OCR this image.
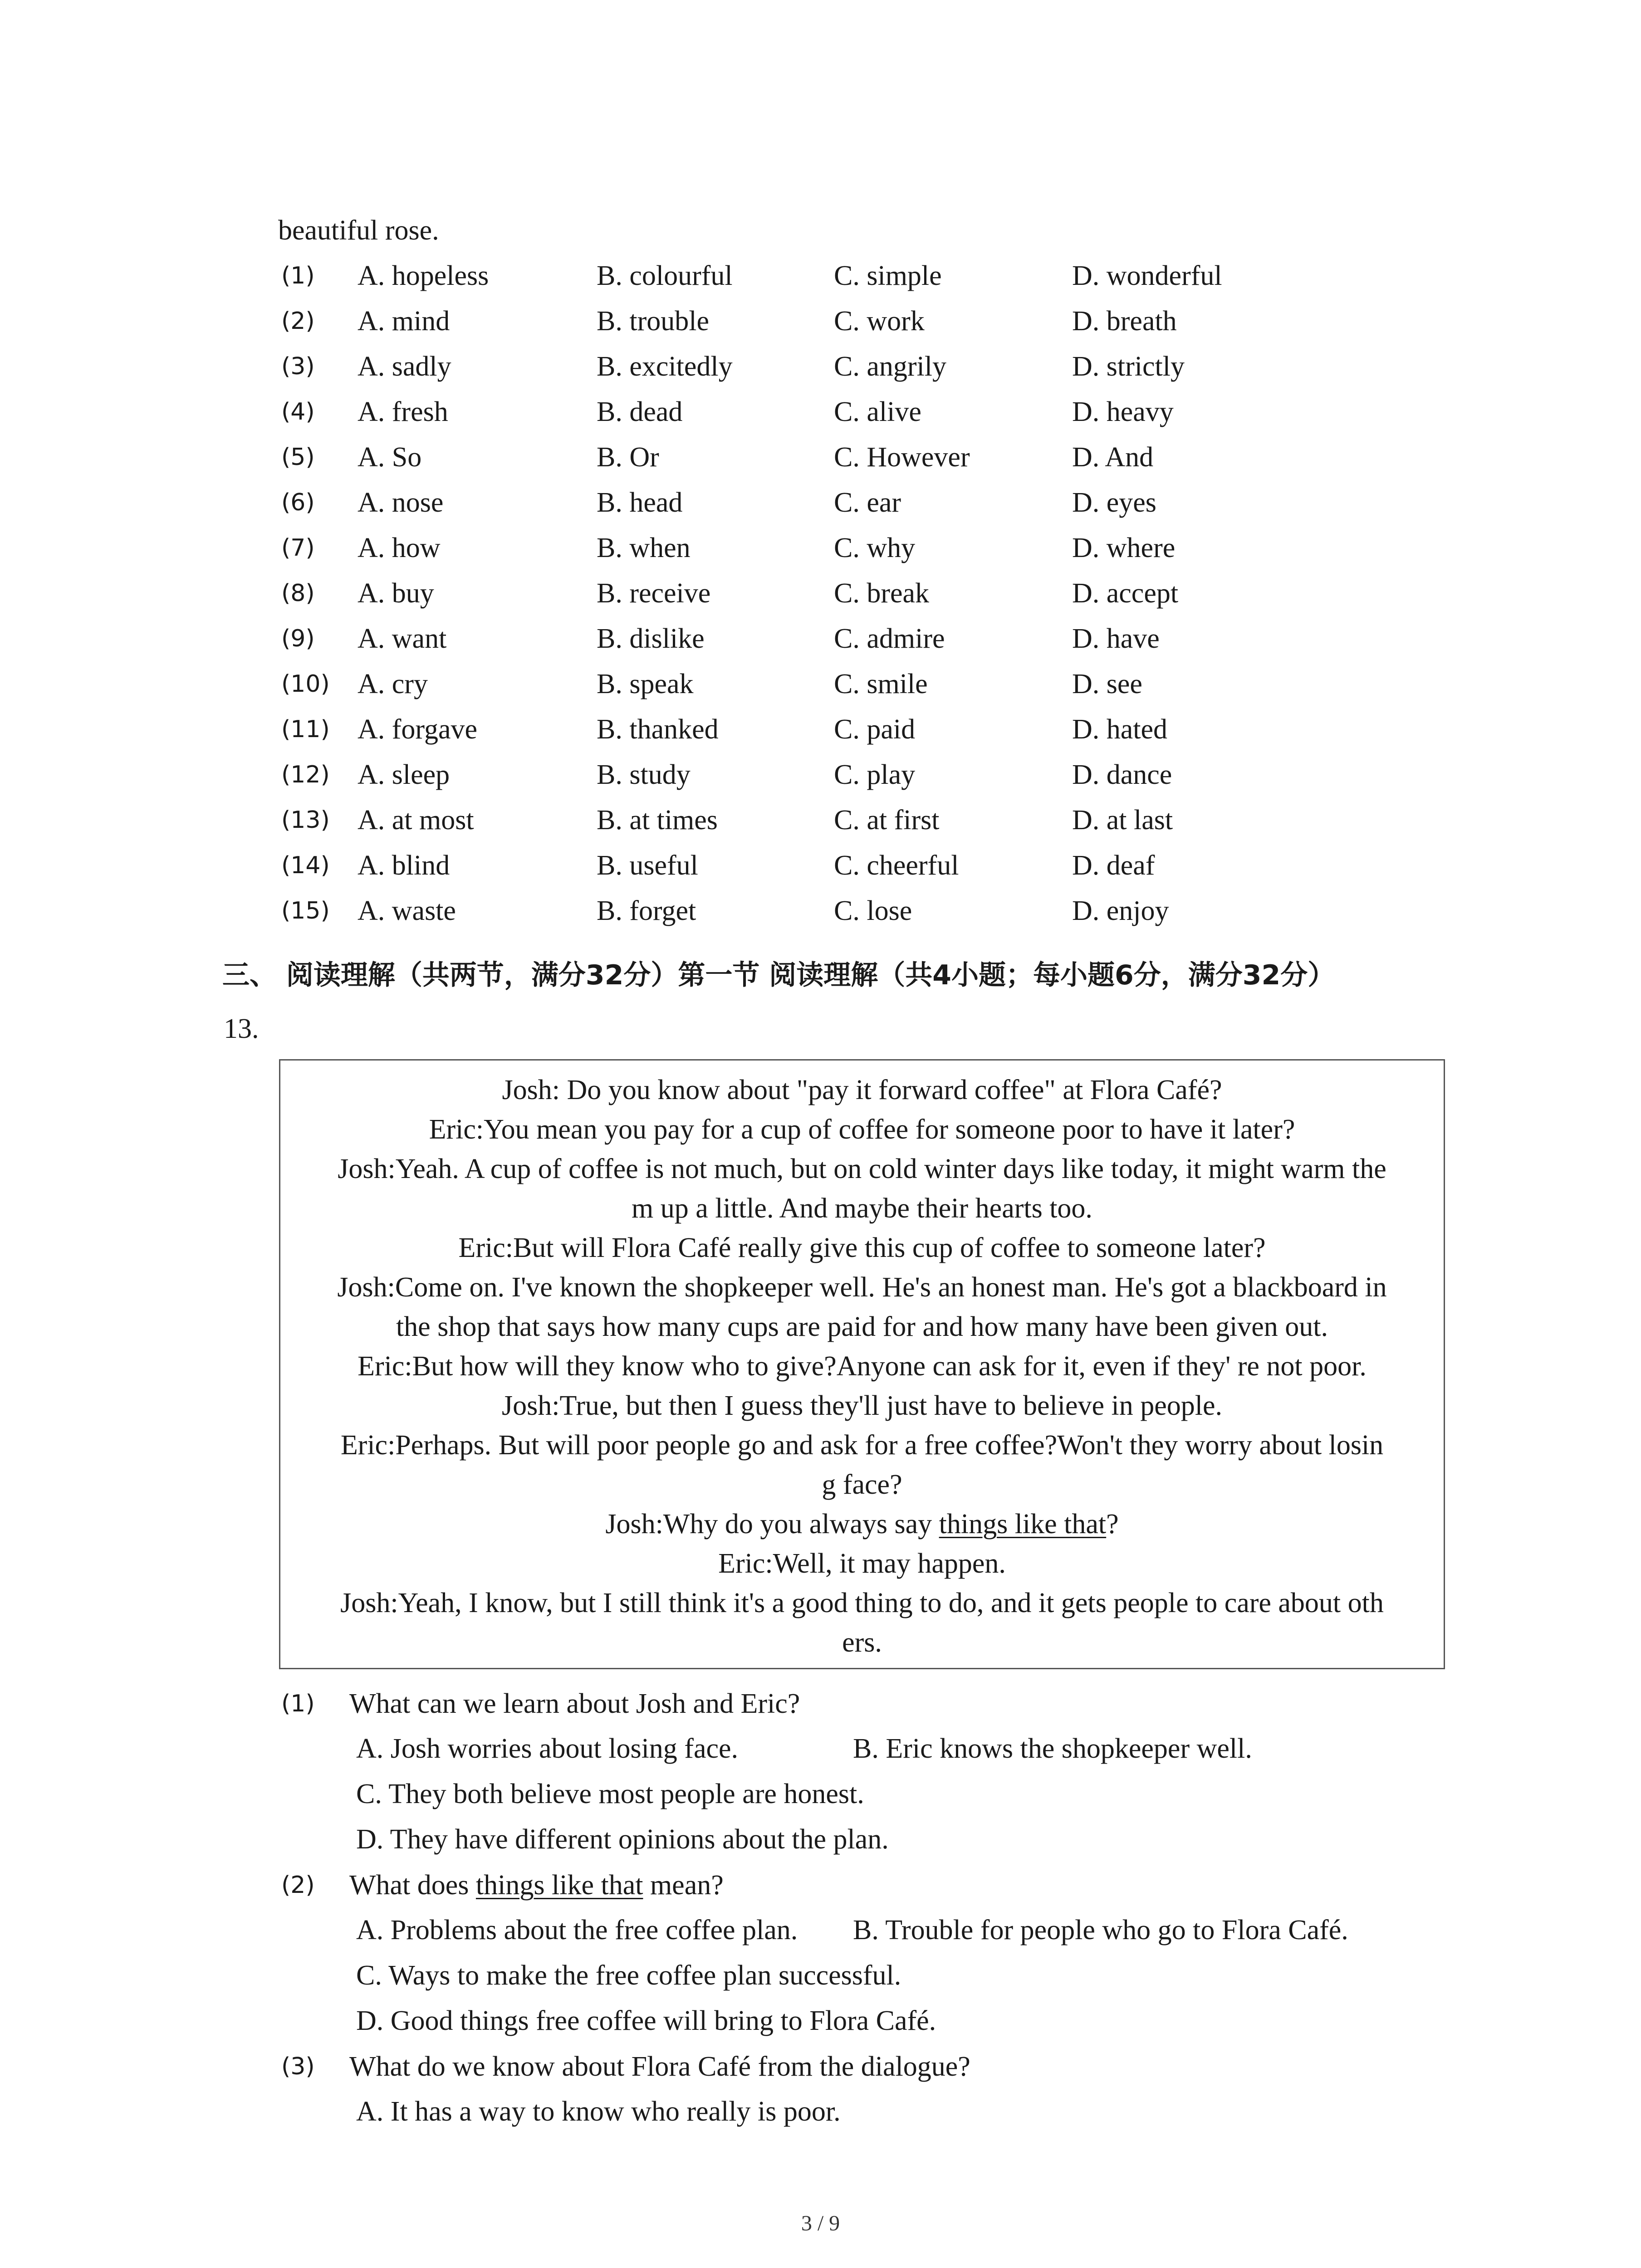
beautiful rose.
(1) A. hopeless	B. colourful	C. simple	D. wonderful
(2) A. mind	B. trouble	C. work	D. breath
(3) A. sadly	B. excitedly	C. angrily	D. strictly
(4) A. fresh	B. dead	C. alive	D. heavy
(5) A. So	B. Or	C. However	D. And
(6) A. nose	B. head	C. ear	D. eyes
(7) A. how	B. when	C. why	D. where
(8) A. buy	B. receive	C. break	D. accept
(9) A. want	B. dislike	C. admire	D. have
(10) A. cry	B. speak	C. smile	D. see
(11) A. forgave	B. thanked	C. paid	D. hated
(12) A. sleep	B. study	C. play	D. dance
(13) A. at most	B. at times	C. at first	D. at last
(14) A. blind	B. useful	C. cheerful	D. deaf
(15) A. waste	B. forget	C. lose	D. enjoy
三、 阅读理解（共两节，满分32分）第一节 阅读理解（共4小题；每小题6分，满分32分）
13.

Josh: Do you know about "pay it forward coffee" at Flora Café?

Eric:You mean you pay for a cup of coffee for someone poor to have it later?

Josh:Yeah. A cup of coffee is not much, but on cold winter days like today, it might warm the

m up a little. And maybe their hearts too.

Eric:But will Flora Café really give this cup of coffee to someone later?

Josh:Come on. I've known the shopkeeper well. He's an honest man. He's got a blackboard in

the shop that says how many cups are paid for and how many have been given out.

Eric:But how will they know who to give?Anyone can ask for it, even if they' re not poor.

Josh:True, but then I guess they'll just have to believe in people.

Eric:Perhaps. But will poor people go and ask for a free coffee?Won't they worry about losin

g face?

Josh:Why do you always say things like that?

Eric:Well, it may happen.

Josh:Yeah, I know, but I still think it's a good thing to do, and it gets people to care about oth

ers.

(1) What can we learn about Josh and Eric?
A. Josh worries about losing face.	B. Eric knows the shopkeeper well.
C. They both believe most people are honest.
D. They have different opinions about the plan.
(2) What does things like that mean?
A. Problems about the free coffee plan. B. Trouble for people who go to Flora Café.
C. Ways to make the free coffee plan successful.
D. Good things free coffee will bring to Flora Café.
(3) What do we know about Flora Café from the dialogue?
A. It has a way to know who really is poor.
3 / 9
